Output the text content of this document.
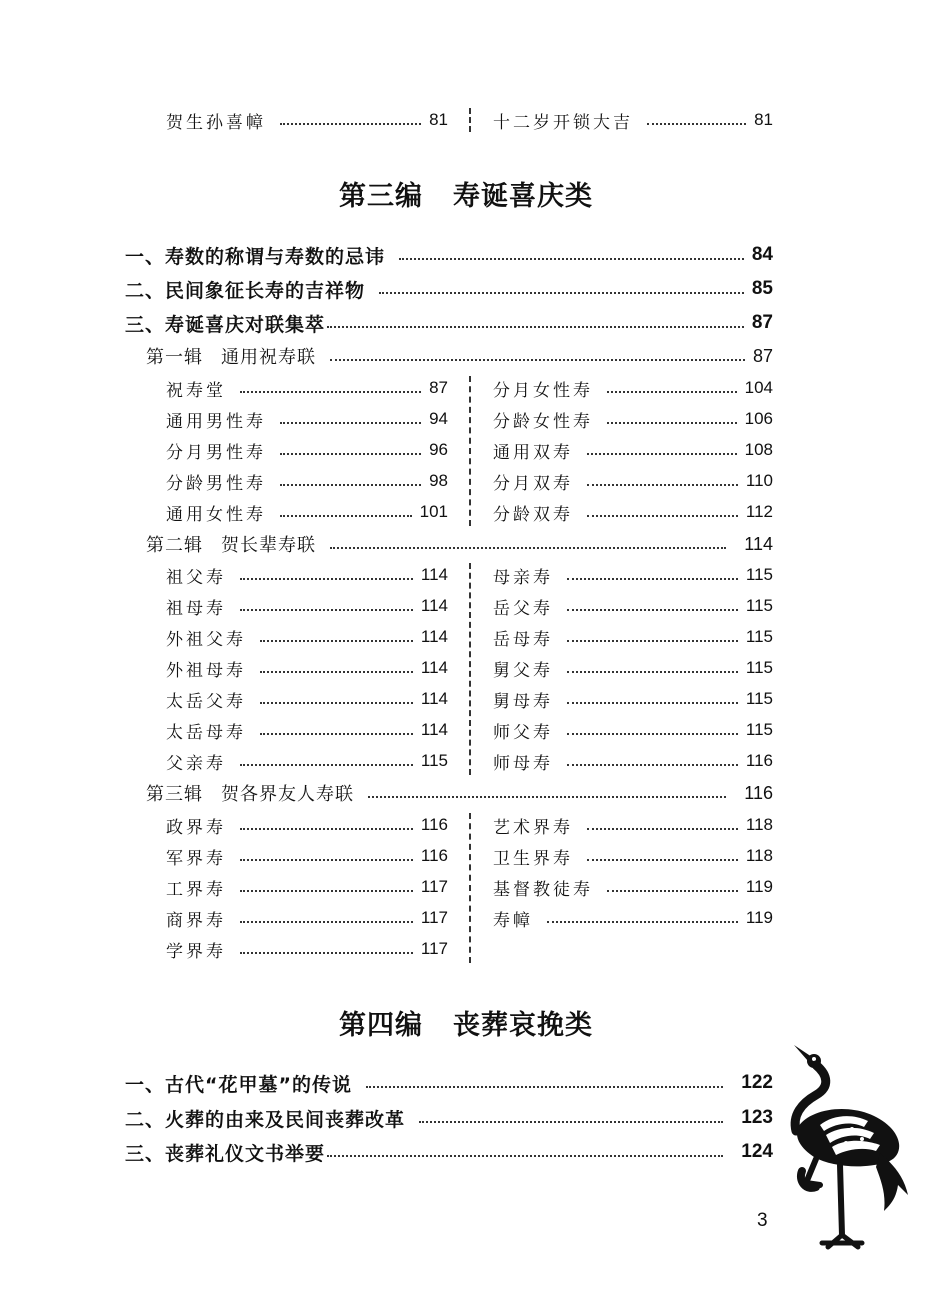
贺生孙喜幛	81	十二岁开锁大吉	81
第三编 寿诞喜庆类
一、寿数的称谓与寿数的忌讳	84
二、民间象征长寿的吉祥物	85
三、寿诞喜庆对联集萃	87
第一辑 通用祝寿联	87
祝寿堂	87
通用男性寿	94
分月男性寿	96
分龄男性寿	98
通用女性寿	101
分月女性寿	104
分龄女性寿	106
通用双寿	108
分月双寿	110
分龄双寿	112
第二辑 贺长辈寿联	114
祖父寿	114
祖母寿	114
外祖父寿	114
外祖母寿	114
太岳父寿	114
太岳母寿	114
父亲寿	115
母亲寿	115
岳父寿	115
岳母寿	115
舅父寿	115
舅母寿	115
师父寿	115
师母寿	116
第三辑 贺各界友人寿联	116
政界寿	116
军界寿	116
工界寿	117
商界寿	117
学界寿	117
艺术界寿	118
卫生界寿	118
基督教徒寿	119
寿幛	119
第四编 丧葬哀挽类
一、古代“花甲墓”的传说	122
二、火葬的由来及民间丧葬改革	123
三、丧葬礼仪文书举要	124
3
